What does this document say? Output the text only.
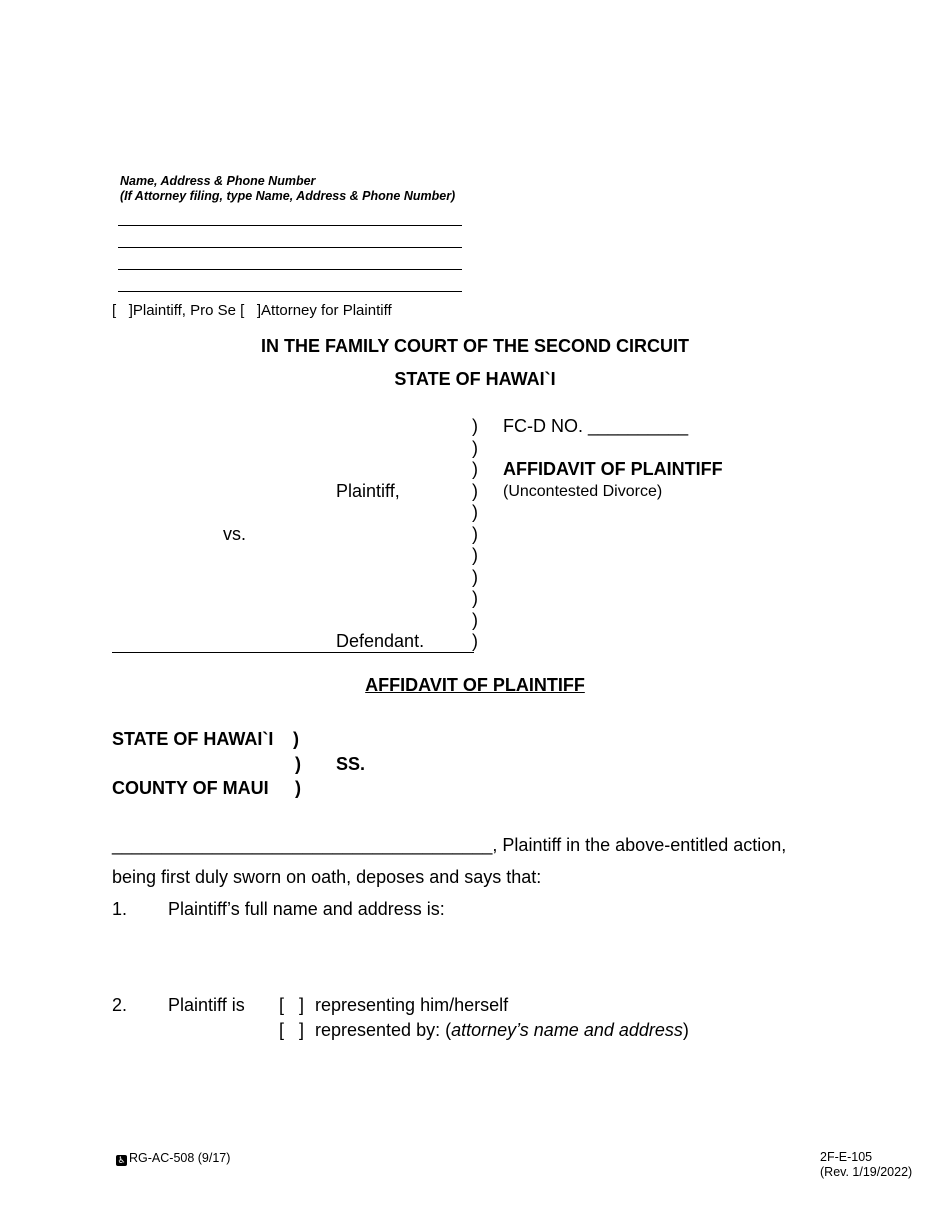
Name, Address & Phone Number
(If Attorney filing, type Name, Address & Phone Number)
[ ]Plaintiff, Pro Se [ ]Attorney for Plaintiff
IN THE FAMILY COURT OF THE SECOND CIRCUIT
STATE OF HAWAI`I
)
)
)
)
)
)
)
)
)
)
)
Plaintiff,
vs.
Defendant.
FC-D NO. __________
AFFIDAVIT OF PLAINTIFF
(Uncontested Divorce)
AFFIDAVIT OF PLAINTIFF
STATE OF HAWAI`I )
) SS.
COUNTY OF MAUI )
______________________________________, Plaintiff in the above-entitled action,
being first duly sworn on oath, deposes and says that:
1. Plaintiff’s full name and address is:
2. Plaintiff is [   ] representing him/herself
[   ] represented by: (attorney’s name and address)
♿ RG-AC-508 (9/17)	2F-E-105
(Rev. 1/19/2022)
